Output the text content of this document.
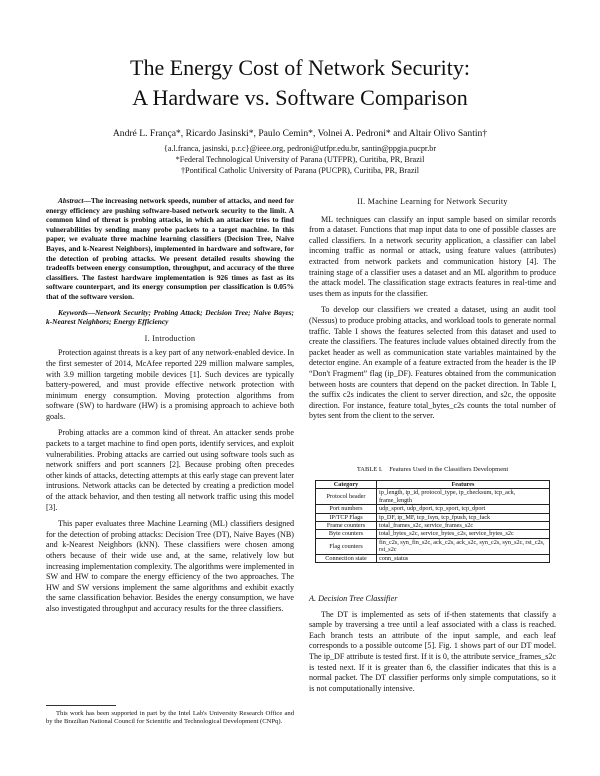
The Energy Cost of Network Security:
A Hardware vs. Software Comparison
André L. França*, Ricardo Jasinski*, Paulo Cemin*, Volnei A. Pedroni* and Altair Olivo Santin†
{a.l.franca, jasinski, p.r.c}@ieee.org, pedroni@utfpr.edu.br, santin@ppgia.pucpr.br
*Federal Technological University of Parana (UTFPR), Curitiba, PR, Brazil
†Pontifical Catholic University of Parana (PUCPR), Curitiba, PR, Brazil

Abstract—The increasing network speeds, number of attacks, and need for energy efficiency are pushing software-based network security to the limit. A common kind of threat is probing attacks, in which an attacker tries to find vulnerabilities by sending many probe packets to a target machine. In this paper, we evaluate three machine learning classifiers (Decision Tree, Naive Bayes, and k-Nearest Neighbors), implemented in hardware and software, for the detection of probing attacks. We present detailed results showing the tradeoffs between energy consumption, throughput, and accuracy of the three classifiers. The fastest hardware implementation is 926 times as fast as its software counterpart, and its energy consumption per classification is 0.05% that of the software version.

Keywords—Network Security; Probing Attack; Decision Tree; Naive Bayes; k-Nearest Neighbors; Energy Efficiency

I. Introduction

Protection against threats is a key part of any network-enabled device. In the first semester of 2014, McAfee reported 229 million malware samples, with 3.9 million targeting mobile devices [1]. Such devices are typically battery-powered, and must provide effective network protection with minimum energy consumption. Moving protection algorithms from software (SW) to hardware (HW) is a promising approach to achieve both goals.

Probing attacks are a common kind of threat. An attacker sends probe packets to a target machine to find open ports, identify services, and exploit vulnerabilities. Probing attacks are carried out using software tools such as network sniffers and port scanners [2]. Because probing often precedes other kinds of attacks, detecting attempts at this early stage can prevent later intrusions. Network attacks can be detected by creating a prediction model of the attack behavior, and then testing all network traffic using this model [3].

This paper evaluates three Machine Learning (ML) classifiers designed for the detection of probing attacks: Decision Tree (DT), Naive Bayes (NB) and k-Nearest Neighbors (kNN). These classifiers were chosen among others because of their wide use and, at the same, relatively low but increasing implementation complexity. The algorithms were implemented in SW and HW to compare the energy efficiency of the two approaches. The HW and SW versions implement the same algorithms and exhibit exactly the same classification behavior. Besides the energy consumption, we have also investigated throughput and accuracy results for the three classifiers.

This work has been supported in part by the Intel Lab's University Research Office and by the Brazilian National Council for Scientific and Technological Development (CNPq).

II. Machine Learning for Network Security

ML techniques can classify an input sample based on similar records from a dataset. Functions that map input data to one of possible classes are called classifiers. In a network security application, a classifier can label incoming traffic as normal or attack, using feature values (attributes) extracted from network packets and communication history [4]. The training stage of a classifier uses a dataset and an ML algorithm to produce the attack model. The classification stage extracts features in real-time and uses them as inputs for the classifier.

To develop our classifiers we created a dataset, using an audit tool (Nessus) to produce probing attacks, and workload tools to generate normal traffic. Table I shows the features selected from this dataset and used to create the classifiers. The features include values obtained directly from the packet header as well as communication state variables maintained by the detector engine. An example of a feature extracted from the header is the IP “Don't Fragment” flag (ip_DF). Features obtained from the communication between hosts are counters that depend on the packet direction. In Table I, the suffix c2s indicates the client to server direction, and s2c, the opposite direction. For instance, feature total_bytes_c2s counts the total number of bytes sent from the client to the server.

TABLE I. Features Used in the Classifiers Development
Category	Features
Protocol header	ip_length, ip_id, protocol_type, ip_checksum, tcp_ack, frame_length
Port numbers	udp_sport, udp_dport, tcp_sport, tcp_dport
IP/TCP Flags	ip_DF, ip_MF, tcp_fsyn, tcp_fpush, tcp_fack
Frame counters	total_frames_s2c, service_frames_s2c
Byte counters	total_bytes_s2c, service_bytes_c2s, service_bytes_s2c
Flag counters	fin_c2s, syn_fin_s2c, ack_c2s, ack_s2c, syn_c2s, syn_s2c, rst_c2s, rst_s2c
Connection state	conn_status
A. Decision Tree Classifier

The DT is implemented as sets of if-then statements that classify a sample by traversing a tree until a leaf associated with a class is reached. Each branch tests an attribute of the input sample, and each leaf corresponds to a possible outcome [5]. Fig. 1 shows part of our DT model. The ip_DF attribute is tested first. If it is 0, the attribute service_frames_s2c is tested next. If it is greater than 6, the classifier indicates that this is a normal packet. The DT classifier performs only simple computations, so it is not computationally intensive.
